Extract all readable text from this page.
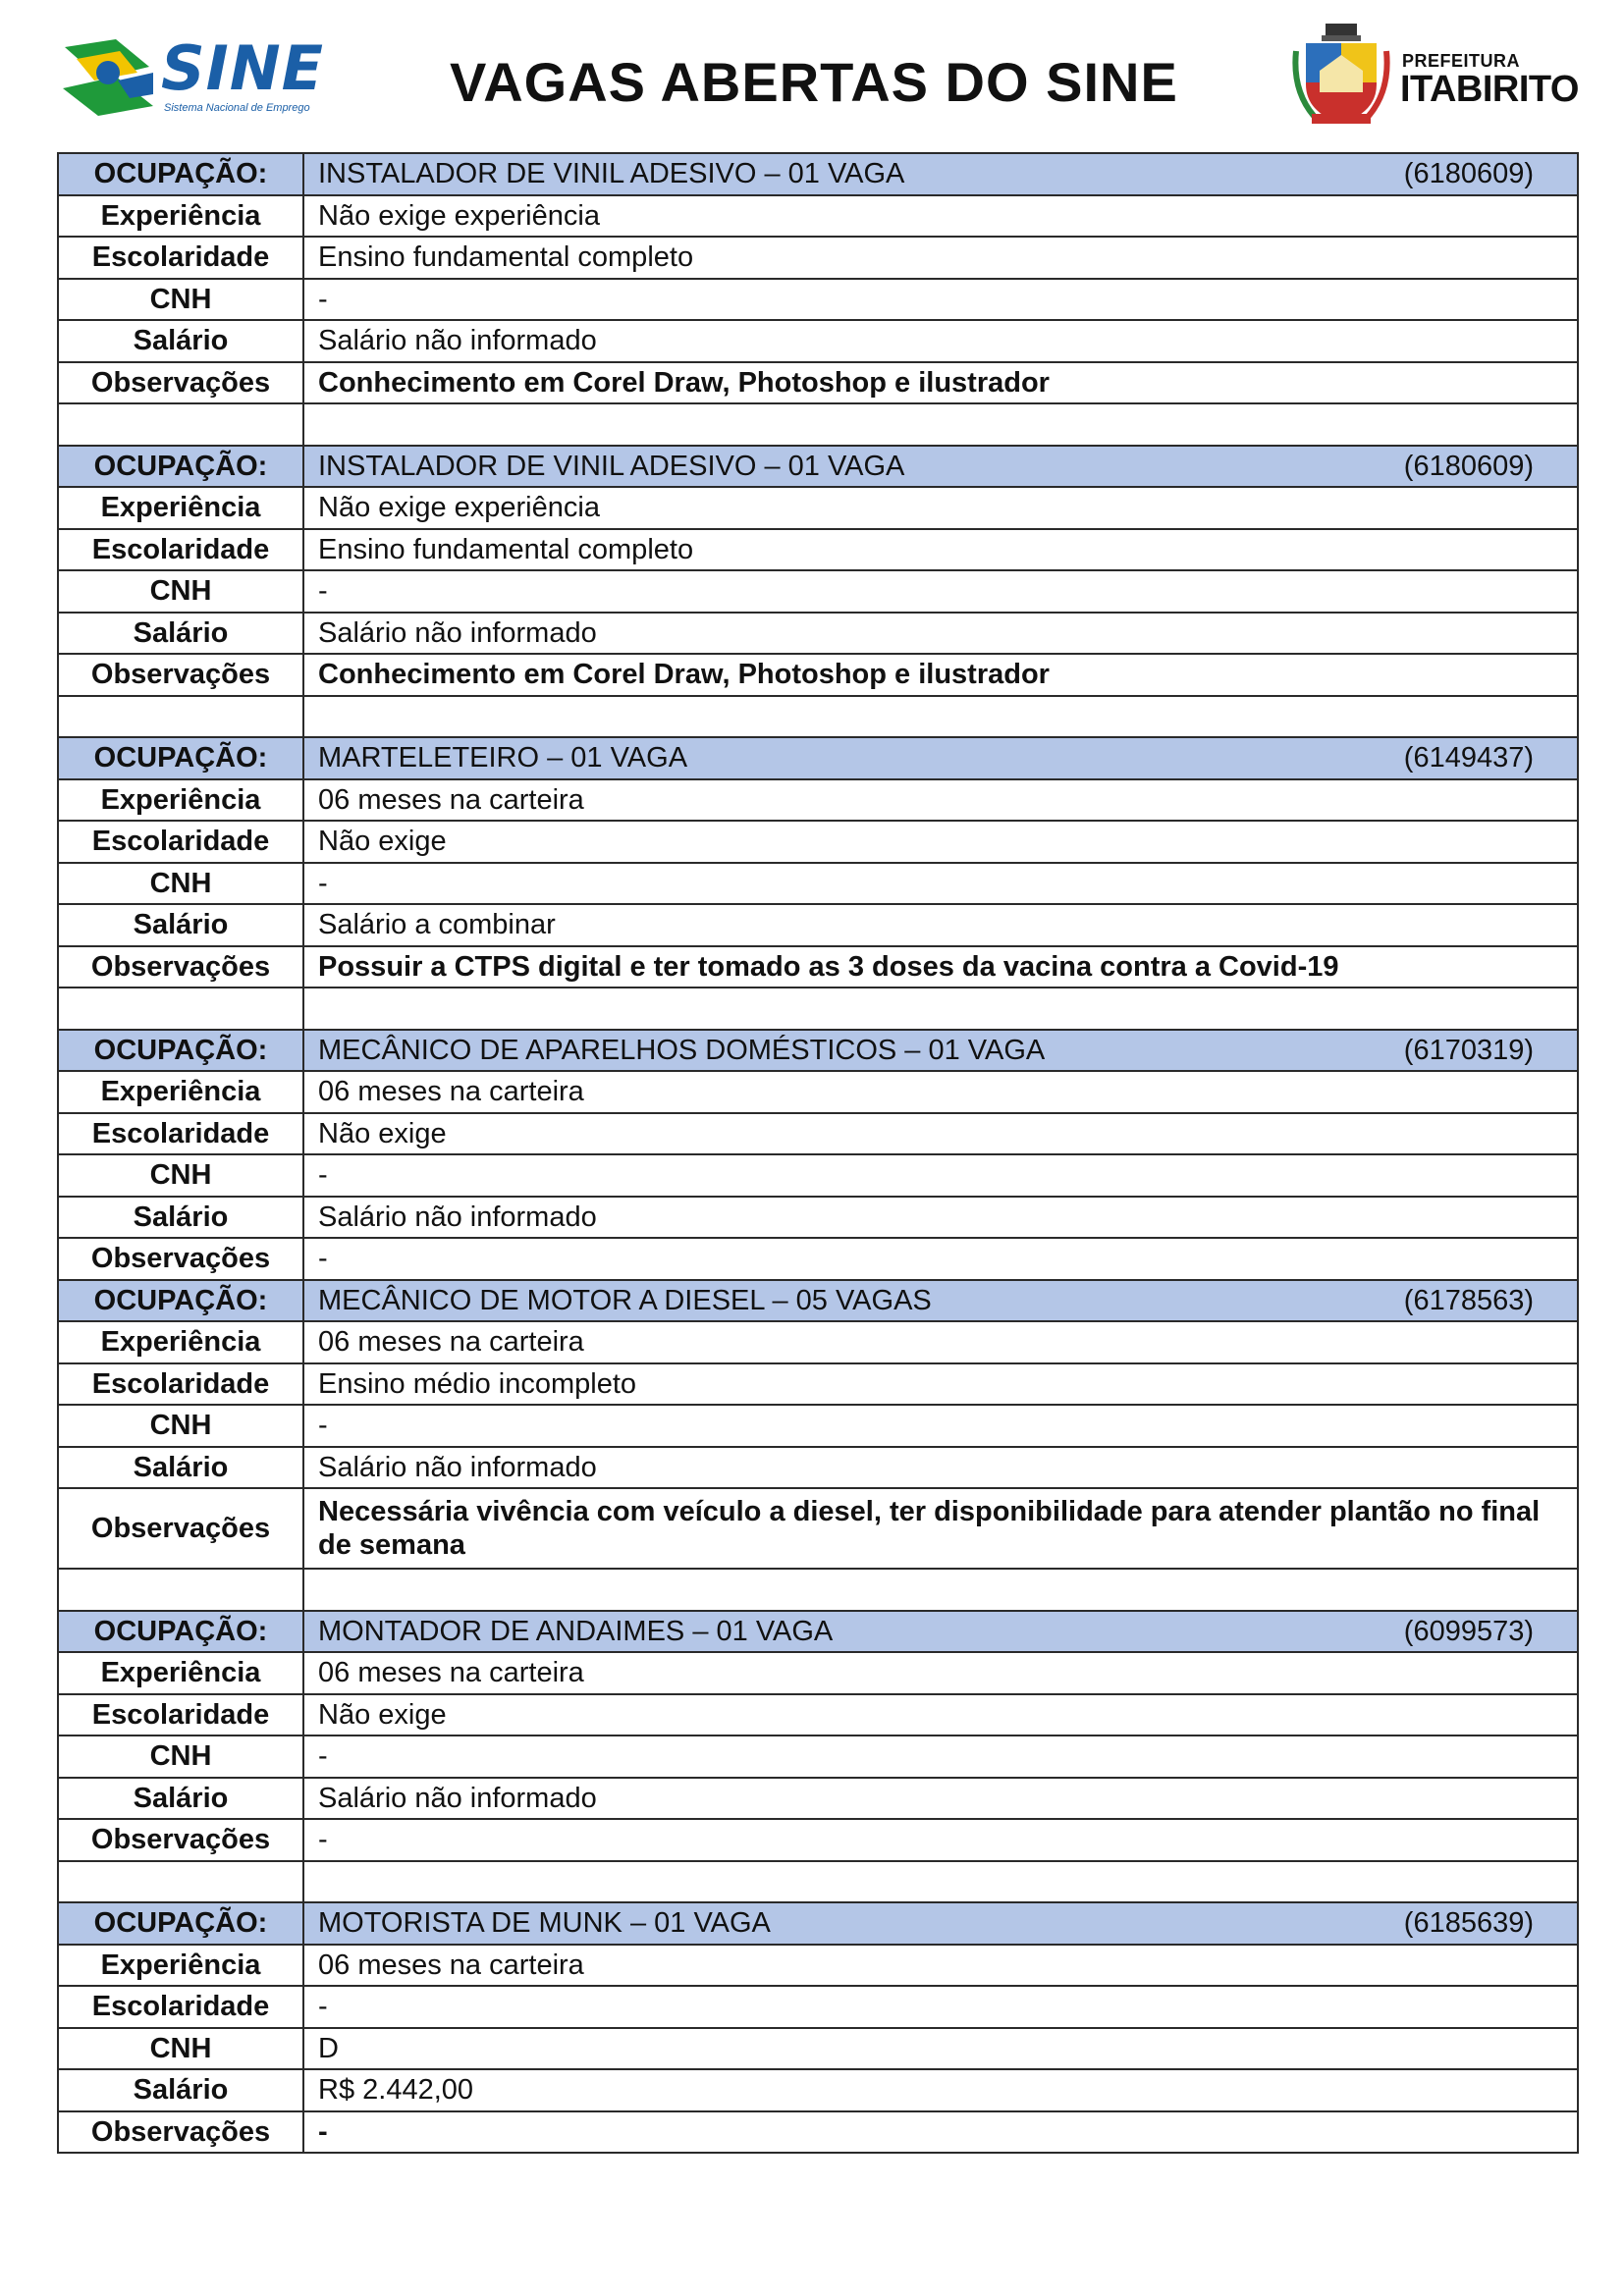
SINE
Sistema Nacional de Emprego	VAGAS ABERTAS DO SINE	PREFEITURA
ITABIRITO
OCUPAÇÃO:	INSTALADOR DE VINIL ADESIVO – 01 VAGA (6180609)

Experiência	Não exige experiência
Escolaridade	Ensino fundamental completo
CNH	-
Salário	Salário não informado
Observações	Conhecimento em Corel Draw, Photoshop e ilustrador

OCUPAÇÃO:	INSTALADOR DE VINIL ADESIVO – 01 VAGA (6180609)

Experiência	Não exige experiência
Escolaridade	Ensino fundamental completo
CNH	-
Salário	Salário não informado
Observações	Conhecimento em Corel Draw, Photoshop e ilustrador

OCUPAÇÃO:	MARTELETEIRO – 01 VAGA (6149437)

Experiência	06 meses na carteira
Escolaridade	Não exige
CNH	-
Salário	Salário a combinar
Observações	Possuir a CTPS digital e ter tomado as 3 doses da vacina contra a Covid-19

OCUPAÇÃO:	MECÂNICO DE APARELHOS DOMÉSTICOS – 01 VAGA (6170319)

Experiência	06 meses na carteira
Escolaridade	Não exige
CNH	-
Salário	Salário não informado
Observações	-
OCUPAÇÃO:	MECÂNICO DE MOTOR A DIESEL – 05 VAGAS (6178563)

Experiência	06 meses na carteira
Escolaridade	Ensino médio incompleto
CNH	-
Salário	Salário não informado
Observações	Necessária vivência com veículo a diesel, ter disponibilidade para atender plantão no final de semana

OCUPAÇÃO:	MONTADOR DE ANDAIMES – 01 VAGA (6099573)

Experiência	06 meses na carteira
Escolaridade	Não exige
CNH	-
Salário	Salário não informado
Observações	-

OCUPAÇÃO:	MOTORISTA DE MUNK – 01 VAGA (6185639)

Experiência	06 meses na carteira
Escolaridade	-
CNH	D
Salário	R$ 2.442,00
Observações	-
